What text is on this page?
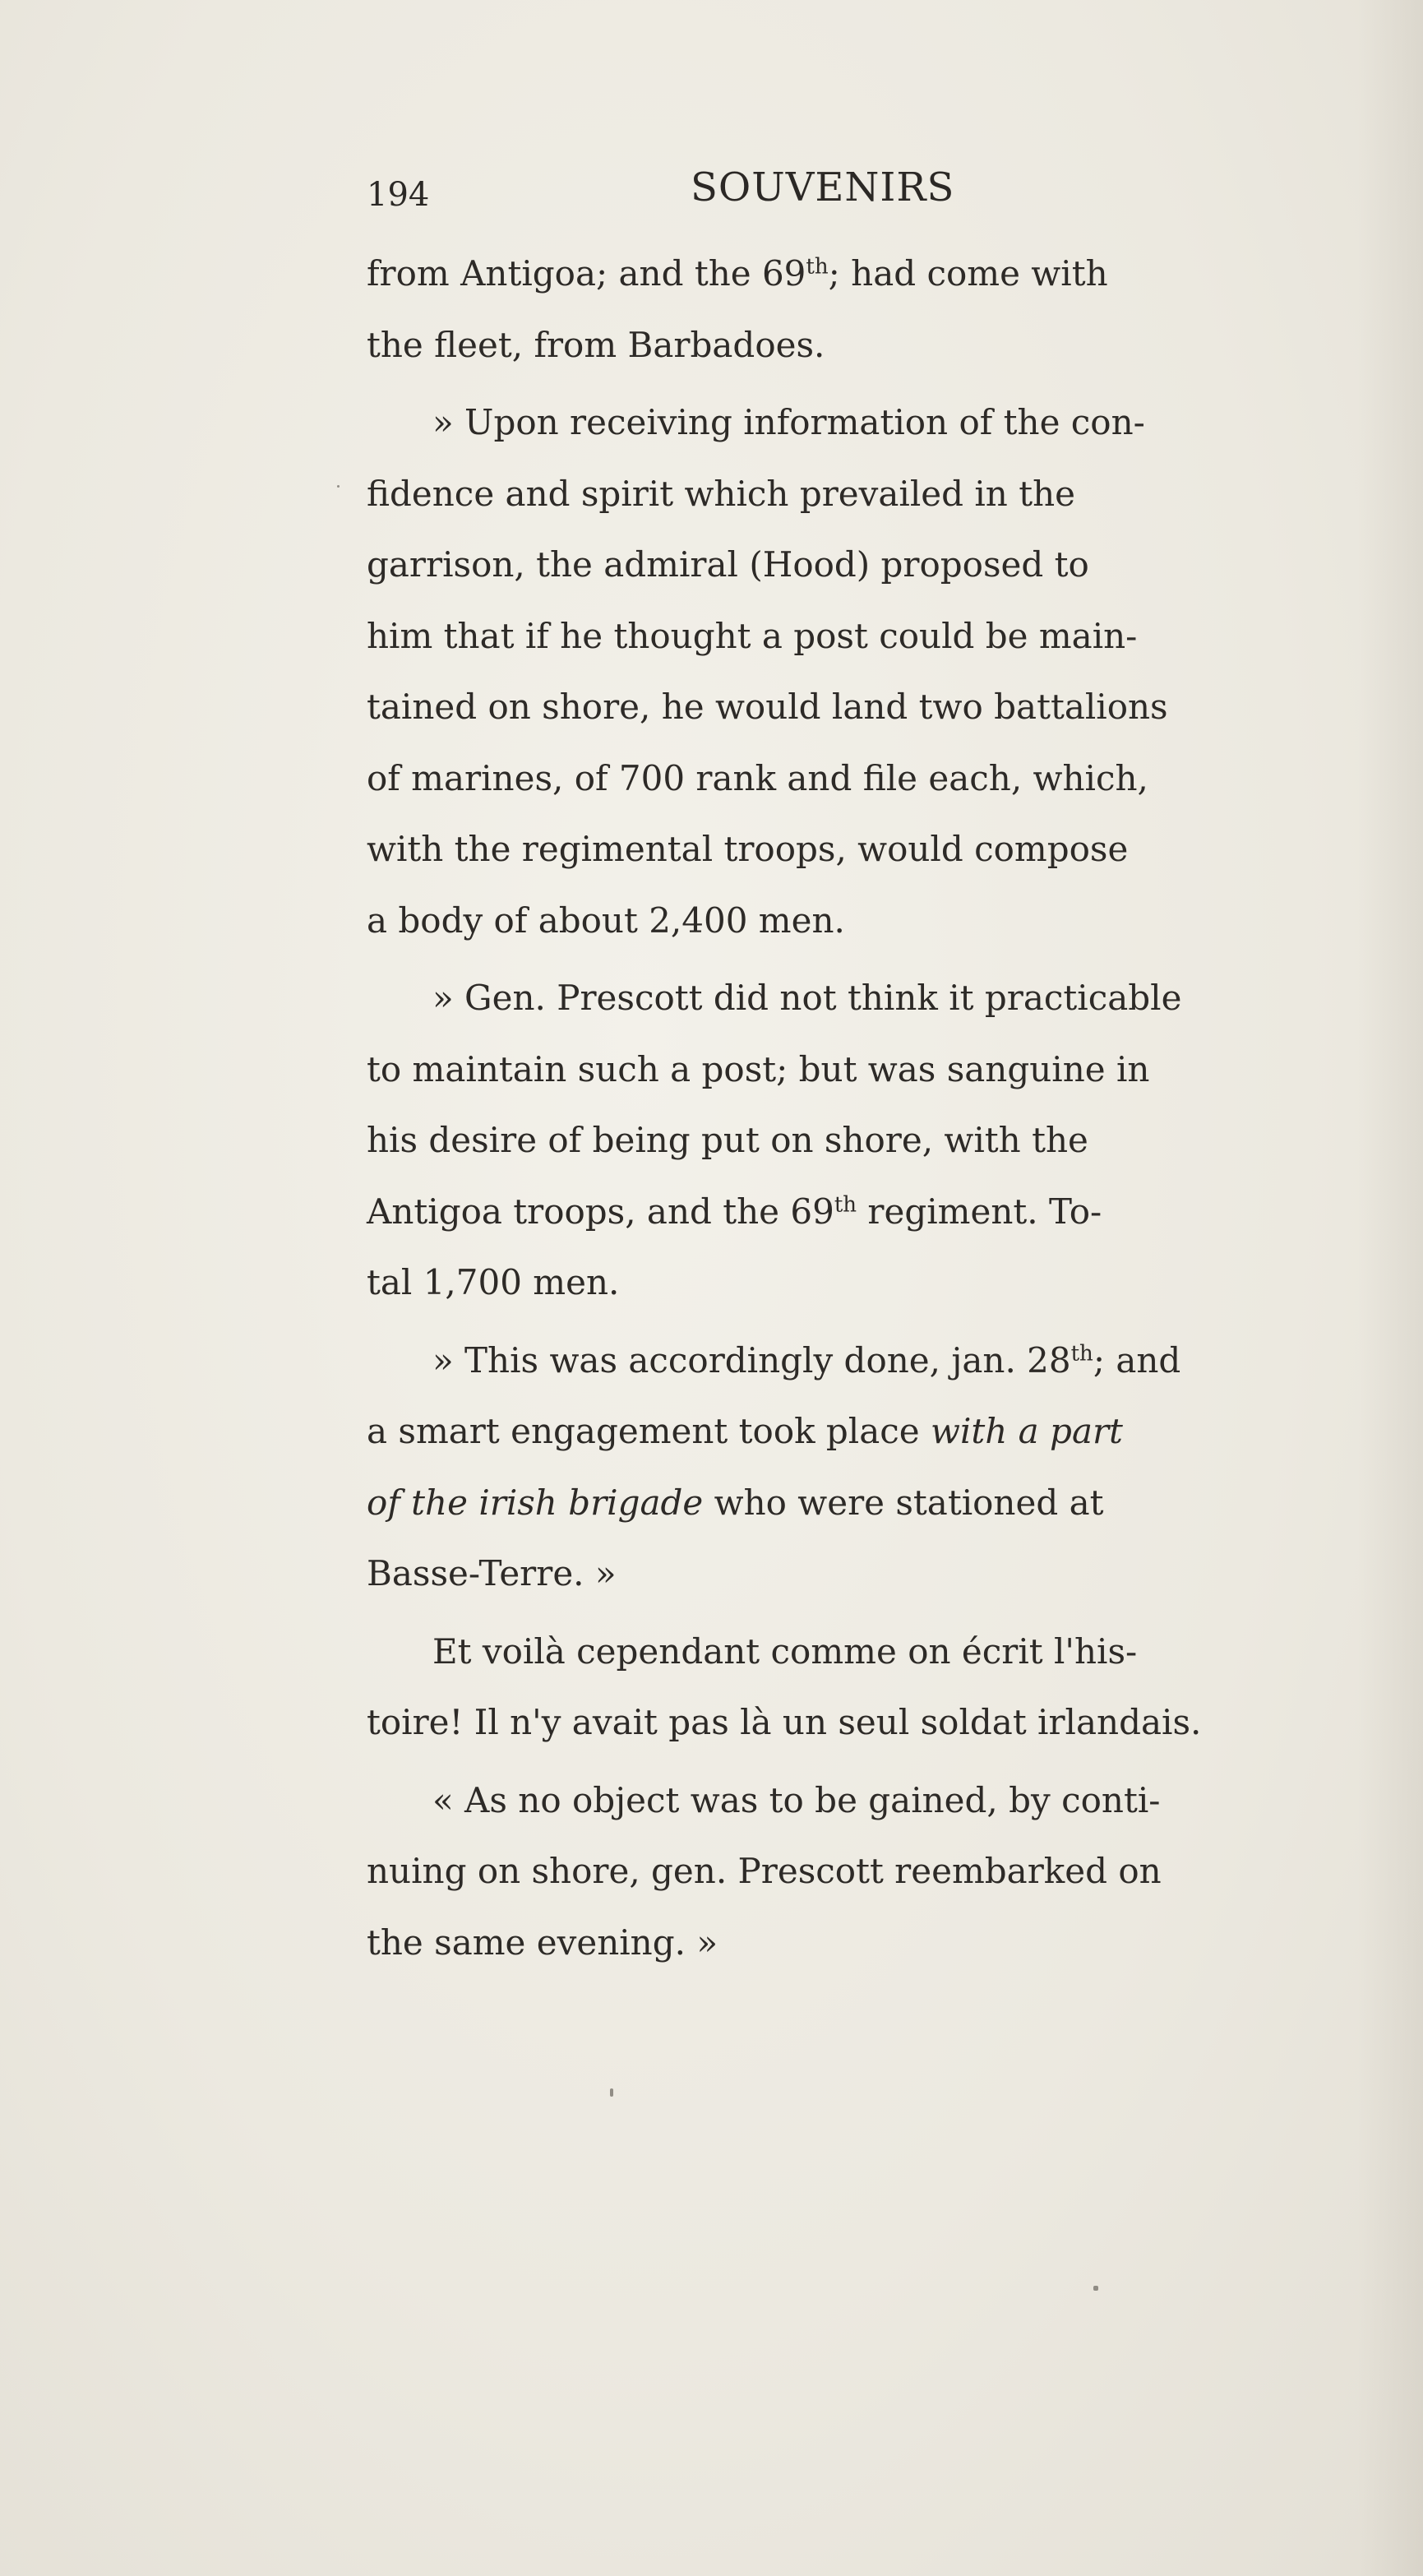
194	SOUVENIRS
from Antigoa; and the 69th; had come with
the fleet, from Barbadoes.
» Upon receiving information of the con-
fidence and spirit which prevailed in the
garrison, the admiral (Hood) proposed to
him that if he thought a post could be main-
tained on shore, he would land two battalions
of marines, of 700 rank and file each, which,
with the regimental troops, would compose
a body of about 2,400 men.
» Gen. Prescott did not think it practicable
to maintain such a post; but was sanguine in
his desire of being put on shore, with the
Antigoa troops, and the 69th regiment. To-
tal 1,700 men.
» This was accordingly done, jan. 28th; and
a smart engagement took place with a part
of the irish brigade who were stationed at
Basse-Terre. »
Et voilà cependant comme on écrit l'his-
toire! Il n'y avait pas là un seul soldat irlandais.
« As no object was to be gained, by conti-
nuing on shore, gen. Prescott reembarked on
the same evening. »
